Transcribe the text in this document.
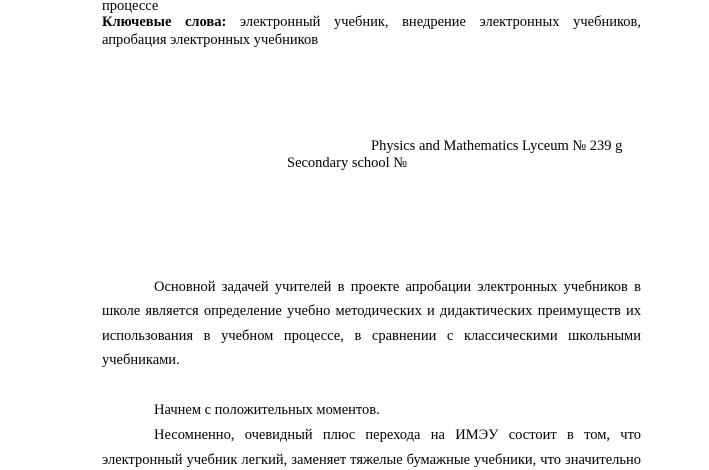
процессе
Ключевые слова: электронный учебник, внедрение электронных учебников,
апробация электронных учебников
Physics and Mathematics Lyceum № 239 g
Secondary school №
Основной задачей учителей в проекте апробации электронных учебников в
школе является определение учебно методических и дидактических преимуществ их
использования в учебном процессе, в сравнении с классическими школьными
учебниками.
Начнем с положительных моментов.
Несомненно, очевидный плюс перехода на ИМЭУ состоит в том, что
электронный учебник легкий, заменяет тяжелые бумажные учебники, что значительно
